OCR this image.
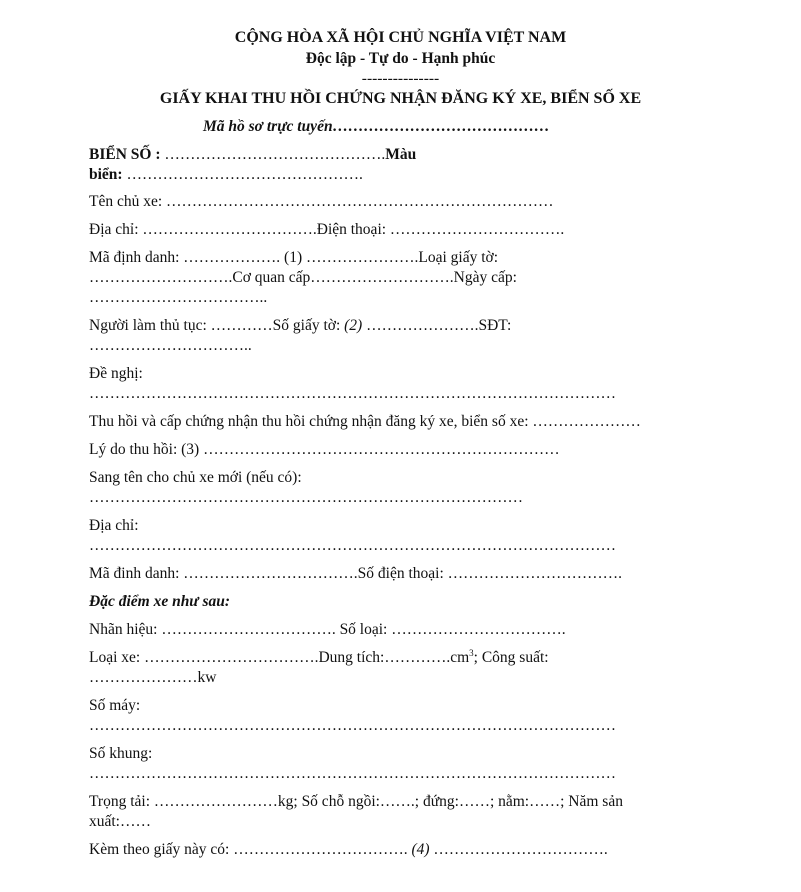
CỘNG HÒA XÃ HỘI CHỦ NGHĨA VIỆT NAM
Độc lập - Tự do - Hạnh phúc
---------------
GIẤY KHAI THU HỒI CHỨNG NHẬN ĐĂNG KÝ XE, BIỂN SỐ XE
Mã hồ sơ trực tuyến……………………………………
BIỂN SỐ : …………………………………….Màu
biển: ……………………………………….
Tên chủ xe: …………………………………………………………………
Địa chỉ: …………………………….Điện thoại: …………………………….
Mã định danh: ………………. (1) ………………….Loại giấy tờ:
……………………….Cơ quan cấp……………………….Ngày cấp:
……………………………..
Người làm thủ tục: …………Số giấy tờ: (2) ………………….SĐT:
…………………………..
Đề nghị:
…………………………………………………………………………………………
Thu hồi và cấp chứng nhận thu hồi chứng nhận đăng ký xe, biển số xe: …………………
Lý do thu hồi: (3) ……………………………………………………………
Sang tên cho chủ xe mới (nếu có):
…………………………………………………………………………
Địa chỉ:
…………………………………………………………………………………………
Mã đinh danh: …………………………….Số điện thoại: …………………………….
Đặc điểm xe như sau:
Nhãn hiệu: ……………………………. Số loại: …………………………….
Loại xe: …………………………….Dung $tích:\dots\dots\dots\dots.cm^3$; Công suất:
…………………kw
Số máy:
…………………………………………………………………………………………
Số khung:
…………………………………………………………………………………………
Trọng tải: ……………………kg; Số chỗ ngồi:…….; đứng:……; nằm:……; Năm sản
xuất:……
Kèm theo giấy này có: ……………………………. (4) …………………………….
